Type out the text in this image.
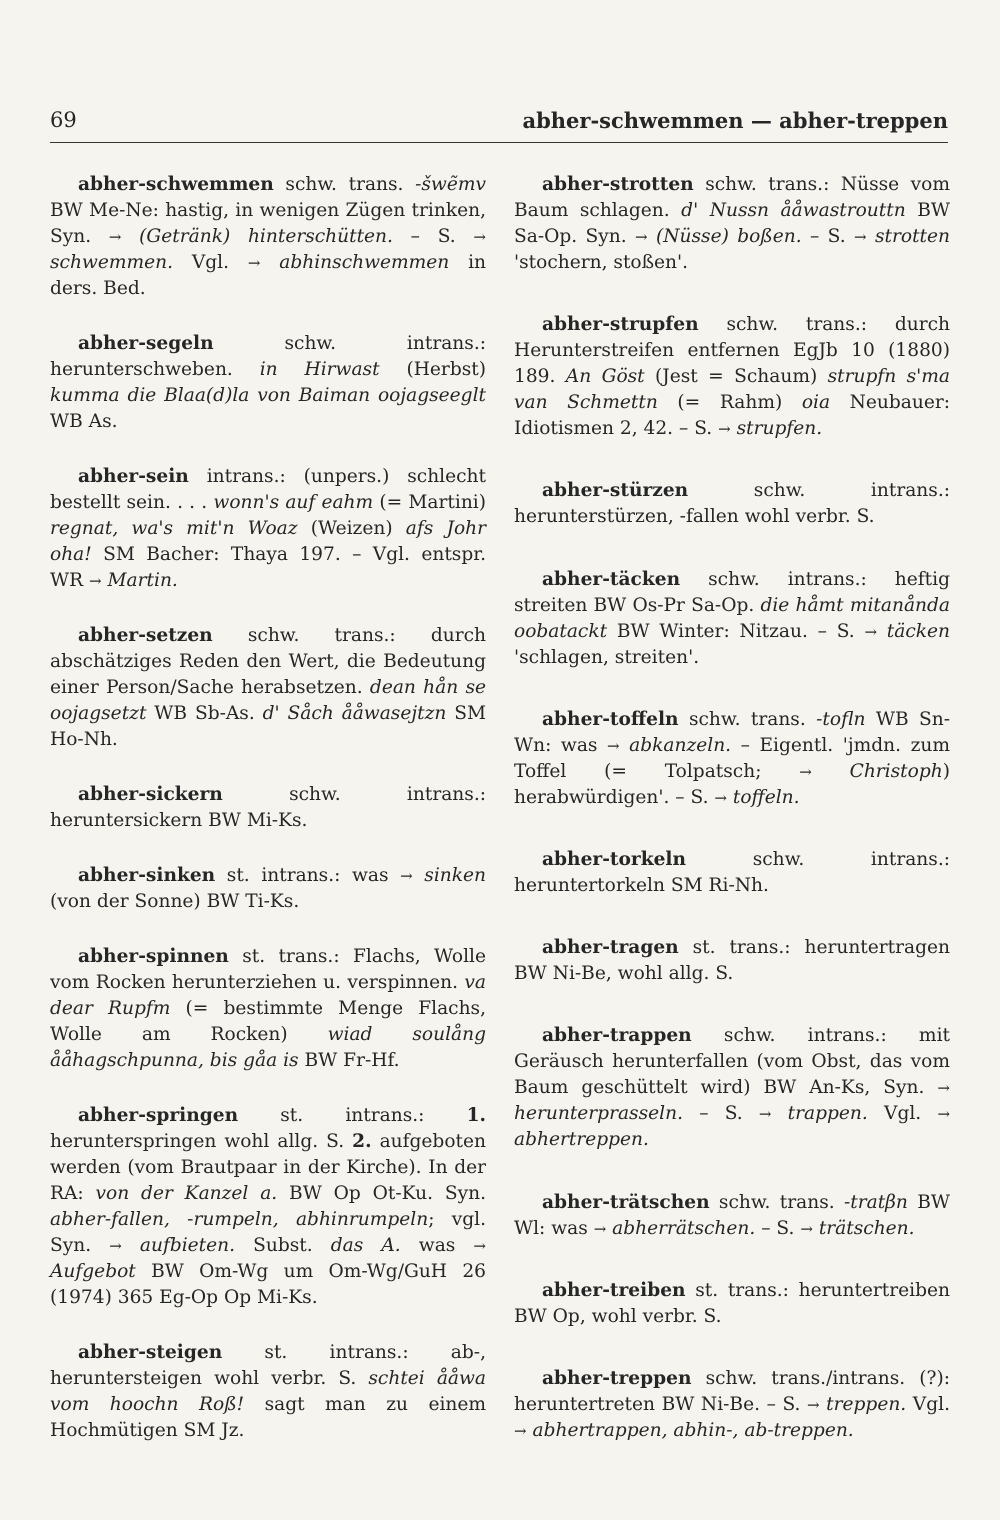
69	abher-schwemmen — abher-treppen

abher-schwemmen schw. trans. -šwẽmv BW Me-Ne: hastig, in wenigen Zügen trinken, Syn. → (Getränk) hinterschütten. – S. → schwemmen. Vgl. → abhinschwemmen in ders. Bed.

abher-segeln schw. intrans.: herunterschweben. in Hirwast (Herbst) kumma die Blaa(d)la von Baiman oojagseeglt WB As.

abher-sein intrans.: (unpers.) schlecht bestellt sein. . . . wonn's auf eahm (= Martini) regnat, wa's mit'n Woaz (Weizen) afs Johr oha! SM Bacher: Thaya 197. – Vgl. entspr. WR → Martin.

abher-setzen schw. trans.: durch abschätziges Reden den Wert, die Bedeutung einer Person/Sache herabsetzen. dean hån se oojagsetzt WB Sb-As. d' Såch ååwasejtzn SM Ho-Nh.

abher-sickern schw. intrans.: heruntersickern BW Mi-Ks.

abher-sinken st. intrans.: was → sinken (von der Sonne) BW Ti-Ks.

abher-spinnen st. trans.: Flachs, Wolle vom Rocken herunterziehen u. verspinnen. va dear Rupfm (= bestimmte Menge Flachs, Wolle am Rocken) wiad soulång ååhagschpunna, bis gåa is BW Fr-Hf.

abher-springen st. intrans.: 1. herunterspringen wohl allg. S. 2. aufgeboten werden (vom Brautpaar in der Kirche). In der RA: von der Kanzel a. BW Op Ot-Ku. Syn. abher-fallen, -rumpeln, abhinrumpeln; vgl. Syn. → aufbieten. Subst. das A. was → Aufgebot BW Om-Wg um Om-Wg/GuH 26 (1974) 365 Eg-Op Op Mi-Ks.

abher-steigen st. intrans.: ab-, heruntersteigen wohl verbr. S. schtei ååwa vom hoochn Roß! sagt man zu einem Hochmütigen SM Jz.

abher-strotten schw. trans.: Nüsse vom Baum schlagen. d' Nussn ååwastrouttn BW Sa-Op. Syn. → (Nüsse) boßen. – S. → strotten 'stochern, stoßen'.

abher-strupfen schw. trans.: durch Herunterstreifen entfernen EgJb 10 (1880) 189. An Göst (Jest = Schaum) strupfn s'ma van Schmettn (= Rahm) oia Neubauer: Idiotismen 2, 42. – S. → strupfen.

abher-stürzen schw. intrans.: herunterstürzen, -fallen wohl verbr. S.

abher-täcken schw. intrans.: heftig streiten BW Os-Pr Sa-Op. die håmt mitanånda oobatackt BW Winter: Nitzau. – S. → täcken 'schlagen, streiten'.

abher-toffeln schw. trans. -tofln WB Sn-Wn: was → abkanzeln. – Eigentl. 'jmdn. zum Toffel (= Tolpatsch; → Christoph) herabwürdigen'. – S. → toffeln.

abher-torkeln schw. intrans.: heruntertorkeln SM Ri-Nh.

abher-tragen st. trans.: heruntertragen BW Ni-Be, wohl allg. S.

abher-trappen schw. intrans.: mit Geräusch herunterfallen (vom Obst, das vom Baum geschüttelt wird) BW An-Ks, Syn. → herunterprasseln. – S. → trappen. Vgl. → abhertreppen.

abher-trätschen schw. trans. -tratβn BW Wl: was → abherrätschen. – S. → trätschen.

abher-treiben st. trans.: heruntertreiben BW Op, wohl verbr. S.

abher-treppen schw. trans./intrans. (?): heruntertreten BW Ni-Be. – S. → treppen. Vgl. → abhertrappen, abhin-, ab-treppen.
